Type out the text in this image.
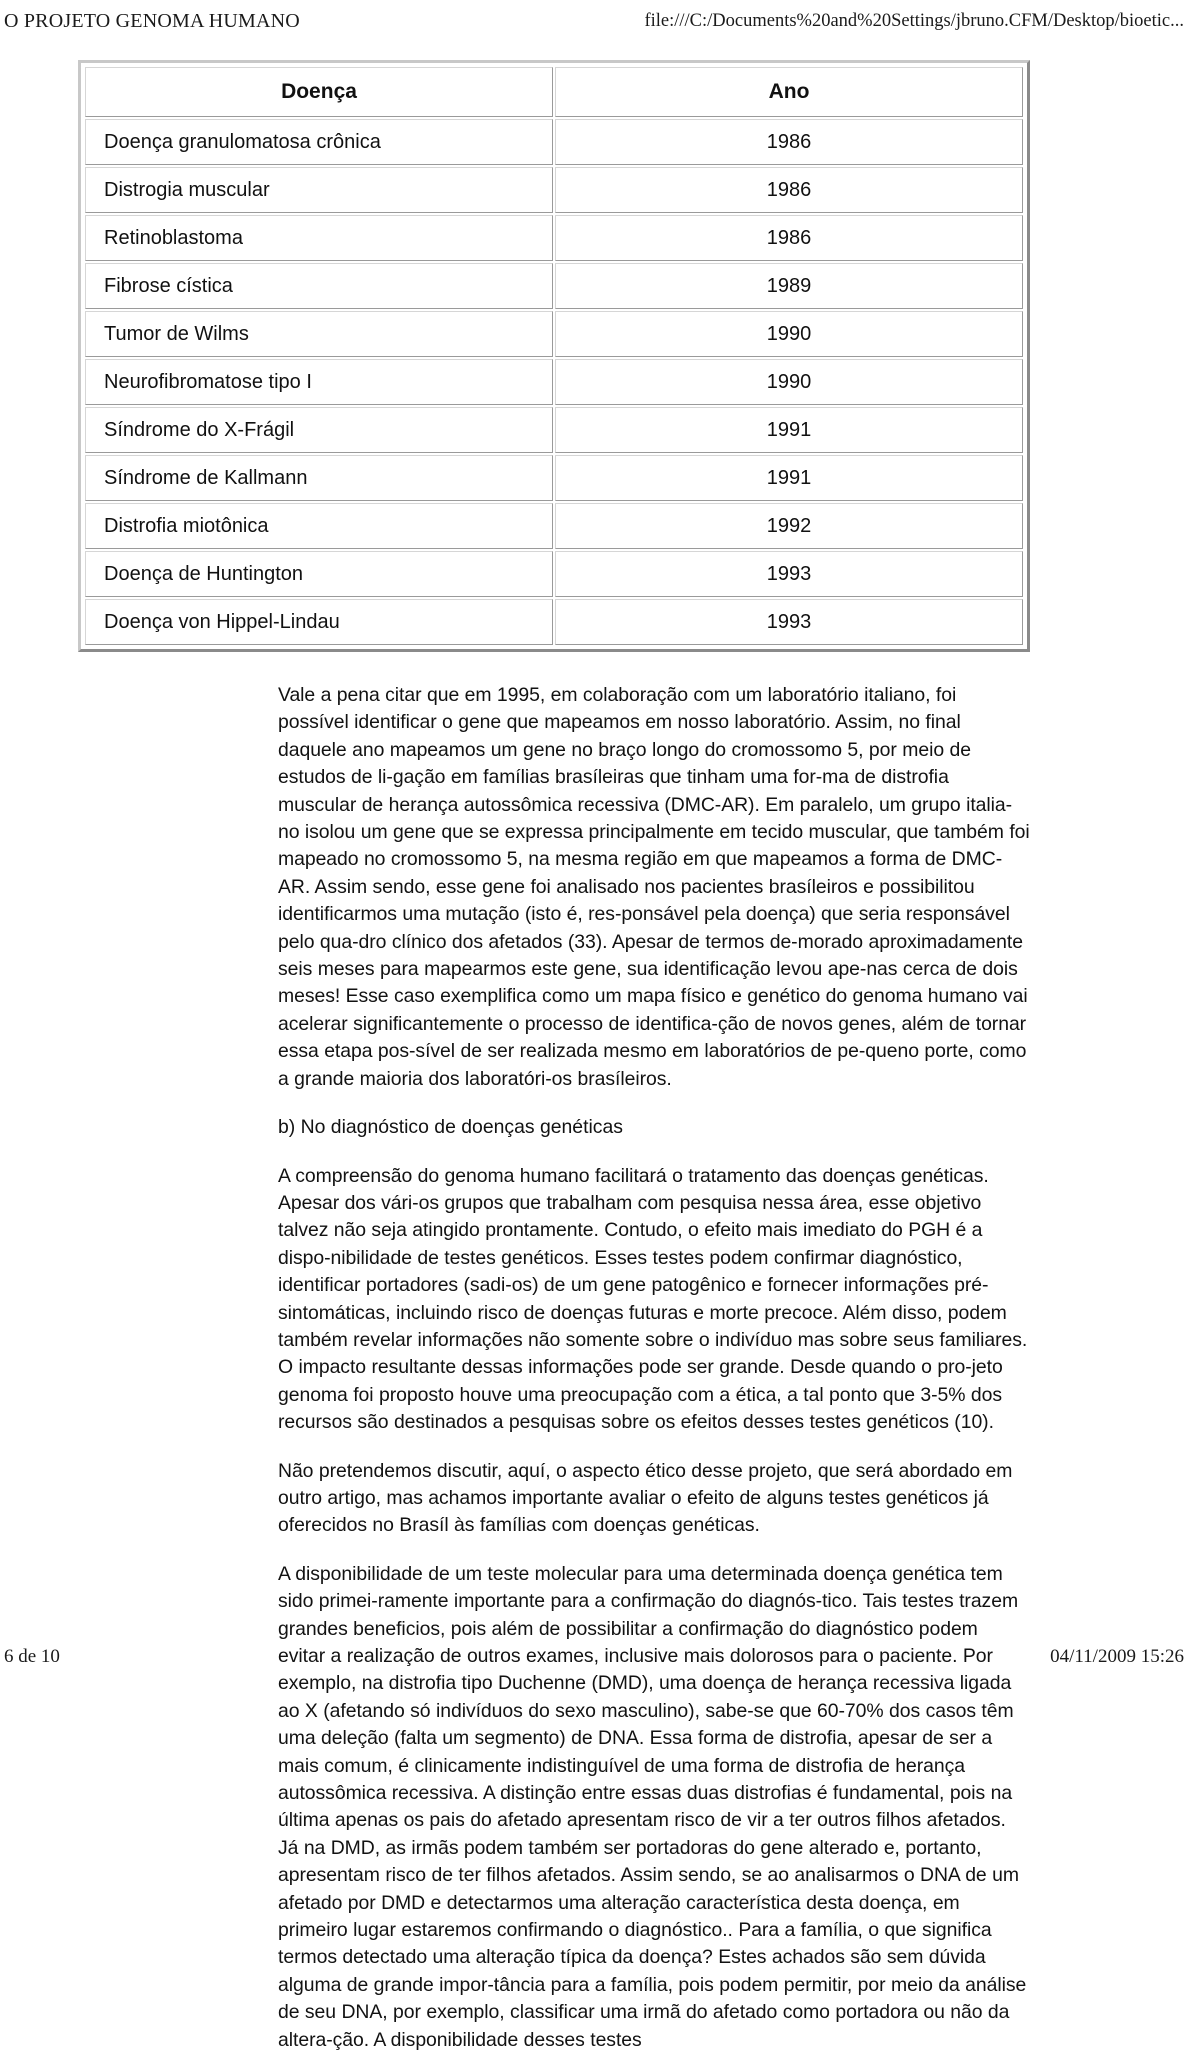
O PROJETO GENOMA HUMANO	file:///C:/Documents%20and%20Settings/jbruno.CFM/Desktop/bioetic...
Doença	Ano
Doença granulomatosa crônica	1986
Distrogia muscular	1986
Retinoblastoma	1986
Fibrose cística	1989
Tumor de Wilms	1990
Neurofibromatose tipo I	1990
Síndrome do X-Frágil	1991
Síndrome de Kallmann	1991
Distrofia miotônica	1992
Doença de Huntington	1993
Doença von Hippel-Lindau	1993

Vale a pena citar que em 1995, em colaboração com um laboratório italiano, foi possível identificar o gene que mapeamos em nosso laboratório. Assim, no final daquele ano mapeamos um gene no braço longo do cromossomo 5, por meio de estudos de li-gação em famílias brasíleiras que tinham uma for-ma de distrofia muscular de herança autossômica recessiva (DMC-AR). Em paralelo, um grupo italia-no isolou um gene que se expressa principalmente em tecido muscular, que também foi mapeado no cromossomo 5, na mesma região em que mapeamos a forma de DMC-AR. Assim sendo, esse gene foi analisado nos pacientes brasíleiros e possibilitou identificarmos uma mutação (isto é, res-ponsável pela doença) que seria responsável pelo qua-dro clínico dos afetados (33). Apesar de termos de-morado aproximadamente seis meses para mapearmos este gene, sua identificação levou ape-nas cerca de dois meses! Esse caso exemplifica como um mapa físico e genético do genoma humano vai acelerar significantemente o processo de identifica-ção de novos genes, além de tornar essa etapa pos-sível de ser realizada mesmo em laboratórios de pe-queno porte, como a grande maioria dos laboratóri-os brasíleiros.

b) No diagnóstico de doenças genéticas

A compreensão do genoma humano facilitará o tratamento das doenças genéticas. Apesar dos vári-os grupos que trabalham com pesquisa nessa área, esse objetivo talvez não seja atingido prontamente. Contudo, o efeito mais imediato do PGH é a dispo-nibilidade de testes genéticos. Esses testes podem confirmar diagnóstico, identificar portadores (sadi-os) de um gene patogênico e fornecer informações pré-sintomáticas, incluindo risco de doenças futuras e morte precoce. Além disso, podem também revelar informações não somente sobre o indivíduo mas sobre seus familiares. O impacto resultante dessas informações pode ser grande. Desde quando o pro-jeto genoma foi proposto houve uma preocupação com a ética, a tal ponto que 3-5% dos recursos são destinados a pesquisas sobre os efeitos desses testes genéticos (10).

Não pretendemos discutir, aquí, o aspecto ético desse projeto, que será abordado em outro artigo, mas achamos importante avaliar o efeito de alguns testes genéticos já oferecidos no Brasíl às famílias com doenças genéticas.

A disponibilidade de um teste molecular para uma determinada doença genética tem sido primei-ramente importante para a confirmação do diagnós-tico. Tais testes trazem grandes beneficios, pois além de possibilitar a confirmação do diagnóstico podem evitar a realização de outros exames, inclusive mais dolorosos para o paciente. Por exemplo, na distrofia tipo Duchenne (DMD), uma doença de herança recessiva ligada ao X (afetando só indivíduos do sexo masculino), sabe-se que 60-70% dos casos têm uma deleção (falta um segmento) de DNA. Essa forma de distrofia, apesar de ser a mais comum, é clinicamente indistinguível de uma forma de distrofia de herança autossômica recessiva. A distinção entre essas duas distrofias é fundamental, pois na última apenas os pais do afetado apresentam risco de vir a ter outros filhos afetados. Já na DMD, as irmãs podem também ser portadoras do gene alterado e, portanto, apresentam risco de ter filhos afetados. Assim sendo, se ao analisarmos o DNA de um afetado por DMD e detectarmos uma alteração característica desta doença, em primeiro lugar estaremos confirmando o diagnóstico.. Para a família, o que significa termos detectado uma alteração típica da doença? Estes achados são sem dúvida alguma de grande impor-tância para a família, pois podem permitir, por meio da análise de seu DNA, por exemplo, classificar uma irmã do afetado como portadora ou não da altera-ção. A disponibilidade desses testes

6 de 10	04/11/2009 15:26
